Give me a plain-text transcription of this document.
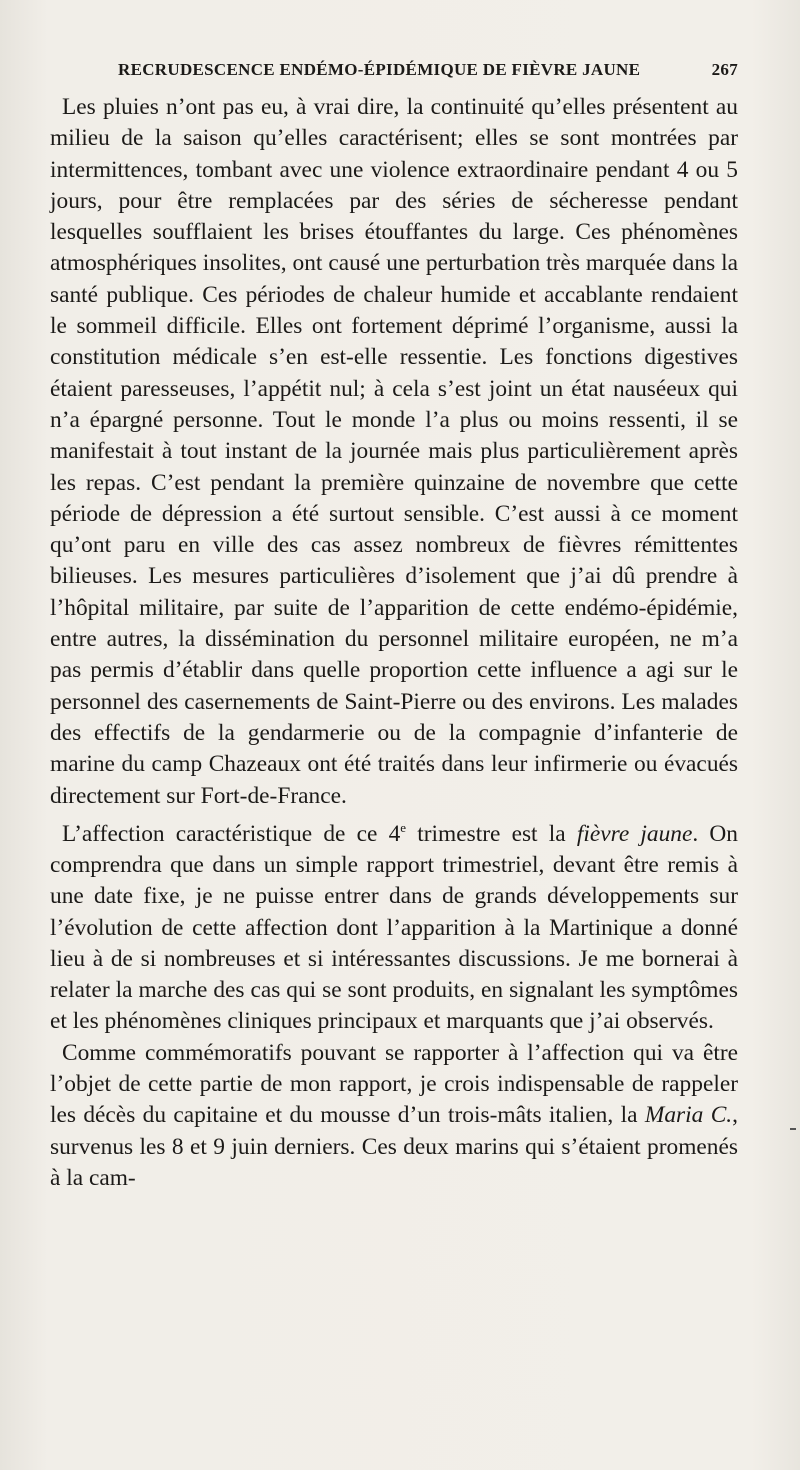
RECRUDESCENCE ENDÉMO-ÉPIDÉMIQUE DE FIÈVRE JAUNE	267

Les pluies n’ont pas eu, à vrai dire, la continuité qu’elles présentent au milieu de la saison qu’elles caractérisent; elles se sont montrées par intermittences, tombant avec une violence extraordinaire pendant 4 ou 5 jours, pour être remplacées par des séries de sécheresse pendant lesquelles soufflaient les brises étouffantes du large. Ces phénomènes atmosphériques insolites, ont causé une perturbation très marquée dans la santé publique. Ces périodes de chaleur humide et accablante rendaient le sommeil difficile. Elles ont fortement déprimé l’organisme, aussi la constitution médicale s’en est-elle ressentie. Les fonctions digestives étaient paresseuses, l’appétit nul; à cela s’est joint un état nauséeux qui n’a épargné personne. Tout le monde l’a plus ou moins ressenti, il se manifestait à tout instant de la journée mais plus particulièrement après les repas. C’est pendant la première quinzaine de novembre que cette période de dépression a été surtout sensible. C’est aussi à ce moment qu’ont paru en ville des cas assez nombreux de fièvres rémittentes bilieuses. Les mesures particulières d’isolement que j’ai dû prendre à l’hôpital militaire, par suite de l’apparition de cette endémo-épidémie, entre autres, la dissémination du personnel militaire européen, ne m’a pas permis d’établir dans quelle proportion cette influence a agi sur le personnel des casernements de Saint-Pierre ou des environs. Les malades des effectifs de la gendarmerie ou de la compagnie d’infanterie de marine du camp Chazeaux ont été traités dans leur infirmerie ou évacués directement sur Fort-de-France.

L’affection caractéristique de ce 4e trimestre est la fièvre jaune. On comprendra que dans un simple rapport trimestriel, devant être remis à une date fixe, je ne puisse entrer dans de grands développements sur l’évolution de cette affection dont l’apparition à la Martinique a donné lieu à de si nombreuses et si intéressantes discussions. Je me bornerai à relater la marche des cas qui se sont produits, en signalant les symptômes et les phénomènes cliniques principaux et marquants que j’ai observés.

Comme commémoratifs pouvant se rapporter à l’affection qui va être l’objet de cette partie de mon rapport, je crois indispensable de rappeler les décès du capitaine et du mousse d’un trois-mâts italien, la Maria C., survenus les 8 et 9 juin derniers. Ces deux marins qui s’étaient promenés à la cam-
